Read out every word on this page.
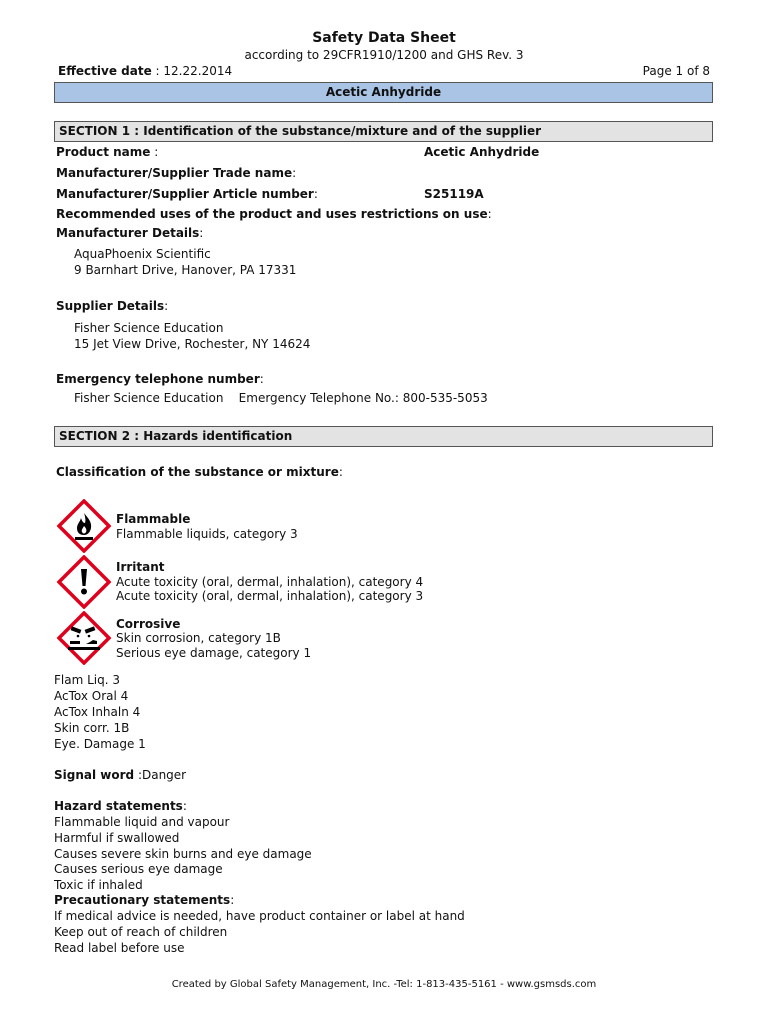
Safety Data Sheet
according to 29CFR1910/1200 and GHS Rev. 3
Effective date : 12.22.2014	Page 1 of 8
Acetic Anhydride
SECTION 1 : Identification of the substance/mixture and of the supplier
Product name :	Acetic Anhydride
Manufacturer/Supplier Trade name:
Manufacturer/Supplier Article number:	S25119A
Recommended uses of the product and uses restrictions on use:
Manufacturer Details:
AquaPhoenix Scientific
9 Barnhart Drive, Hanover, PA 17331
Supplier Details:
Fisher Science Education
15 Jet View Drive, Rochester, NY 14624
Emergency telephone number:
Fisher Science Education    Emergency Telephone No.: 800-535-5053
SECTION 2 : Hazards identification
Classification of the substance or mixture:
Flammable
Flammable liquids, category 3
Irritant
Acute toxicity (oral, dermal, inhalation), category 4
Acute toxicity (oral, dermal, inhalation), category 3
Corrosive
Skin corrosion, category 1B
Serious eye damage, category 1
Flam Liq. 3
AcTox Oral 4
AcTox Inhaln 4
Skin corr. 1B
Eye. Damage 1
Signal word :Danger
Hazard statements:
Flammable liquid and vapour
Harmful if swallowed
Causes severe skin burns and eye damage
Causes serious eye damage
Toxic if inhaled
Precautionary statements:
If medical advice is needed, have product container or label at hand
Keep out of reach of children
Read label before use
Created by Global Safety Management, Inc. -Tel: 1-813-435-5161 - www.gsmsds.com
